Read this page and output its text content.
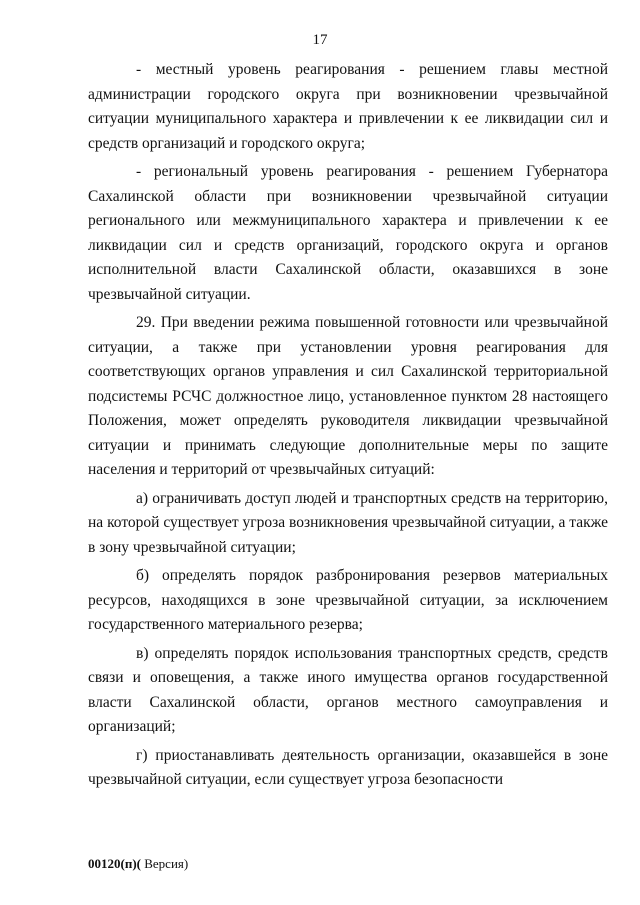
17

- местный уровень реагирования - решением главы местной администрации городского округа при возникновении чрезвычайной ситуации муниципального характера и привлечении к ее ликвидации сил и средств организаций и городского округа;

- региональный уровень реагирования - решением Губернатора Сахалинской области при возникновении чрезвычайной ситуации регионального или межмуниципального характера и привлечении к ее ликвидации сил и средств организаций, городского округа и органов исполнительной власти Сахалинской области, оказавшихся в зоне чрезвычайной ситуации.

29. При введении режима повышенной готовности или чрезвычайной ситуации, а также при установлении уровня реагирования для соответствующих органов управления и сил Сахалинской территориальной подсистемы РСЧС должностное лицо, установленное пунктом 28 настоящего Положения, может определять руководителя ликвидации чрезвычайной ситуации и принимать следующие дополнительные меры по защите населения и территорий от чрезвычайных ситуаций:

а) ограничивать доступ людей и транспортных средств на территорию, на которой существует угроза возникновения чрезвычайной ситуации, а также в зону чрезвычайной ситуации;

б) определять порядок разбронирования резервов материальных ресурсов, находящихся в зоне чрезвычайной ситуации, за исключением государственного материального резерва;

в) определять порядок использования транспортных средств, средств связи и оповещения, а также иного имущества органов государственной власти Сахалинской области, органов местного самоуправления и организаций;

г) приостанавливать деятельность организации, оказавшейся в зоне чрезвычайной ситуации, если существует угроза безопасности

00120(п)( Версия)
